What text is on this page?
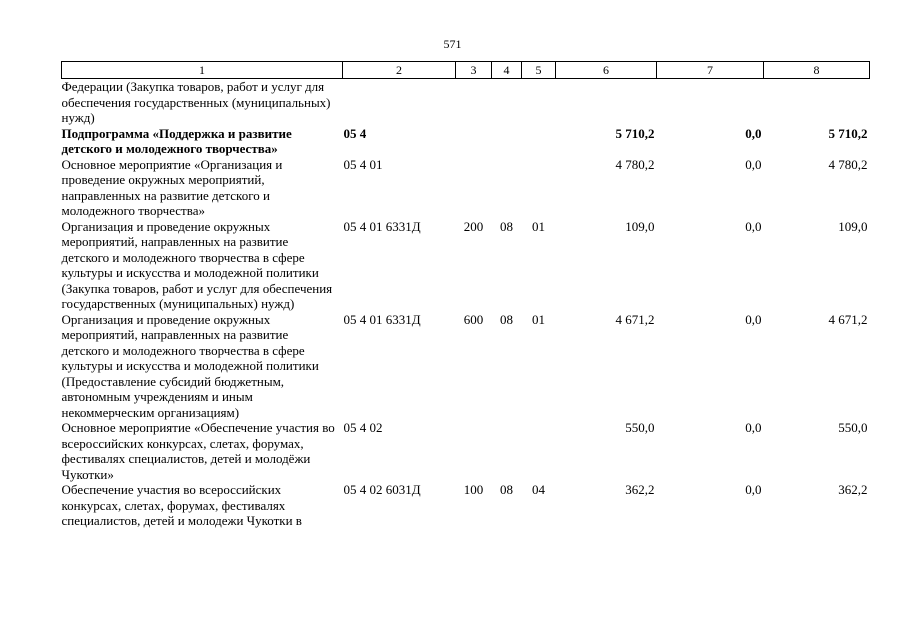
571
1	2	3	4	5	6	7	8
Федерации (Закупка товаров, работ и услуг для обеспечения государственных (муниципальных) нужд)							
Подпрограмма «Поддержка и развитие детского и молодежного творчества»	05 4				5 710,2	0,0	5 710,2
Основное мероприятие «Организация и проведение окружных мероприятий, направленных на развитие детского и молодежного творчества»	05 4 01				4 780,2	0,0	4 780,2
Организация и проведение окружных мероприятий, направленных на развитие детского и молодежного творчества в сфере культуры и искусства и молодежной политики (Закупка товаров, работ и услуг для обеспечения государственных (муниципальных) нужд)	05 4 01 6331Д	200	08	01	109,0	0,0	109,0
Организация и проведение окружных мероприятий, направленных на развитие детского и молодежного творчества в сфере культуры и искусства и молодежной политики (Предоставление субсидий бюджетным, автономным учреждениям и иным некоммерческим организациям)	05 4 01 6331Д	600	08	01	4 671,2	0,0	4 671,2
Основное мероприятие «Обеспечение участия во всероссийских конкурсах, слетах, форумах, фестивалях специалистов, детей и молодёжи Чукотки»	05 4 02				550,0	0,0	550,0
Обеспечение участия во всероссийских конкурсах, слетах, форумах, фестивалях специалистов, детей и молодежи Чукотки в	05 4 02 6031Д	100	08	04	362,2	0,0	362,2
